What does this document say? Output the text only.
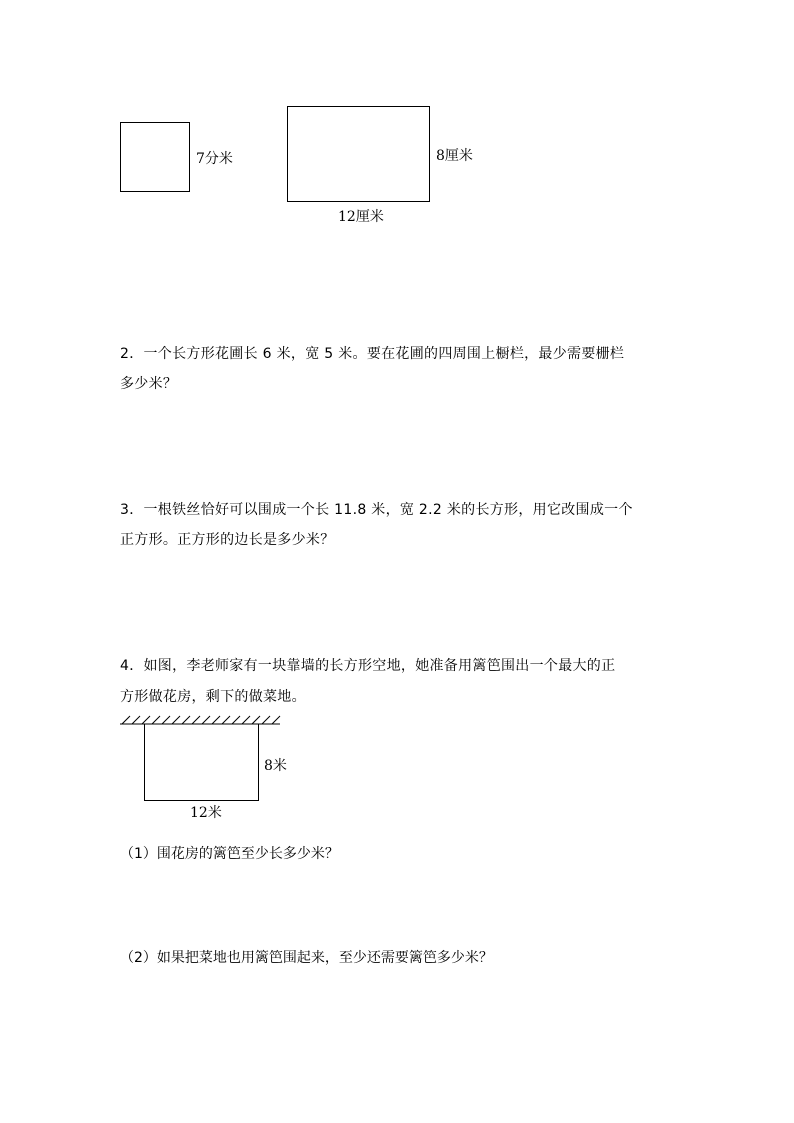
7分米	8厘米
12厘米
2．一个长方形花圃长 6 米，宽 5 米。要在花圃的四周围上橱栏，最少需要栅栏
多少米？
3．一根铁丝恰好可以围成一个长 11.8 米，宽 2.2 米的长方形，用它改围成一个
正方形。正方形的边长是多少米？
4．如图，李老师家有一块靠墙的长方形空地，她准备用篱笆围出一个最大的正
方形做花房，剩下的做菜地。
8米
12米
（1）围花房的篱笆至少长多少米？
（2）如果把菜地也用篱笆围起来，至少还需要篱笆多少米？
